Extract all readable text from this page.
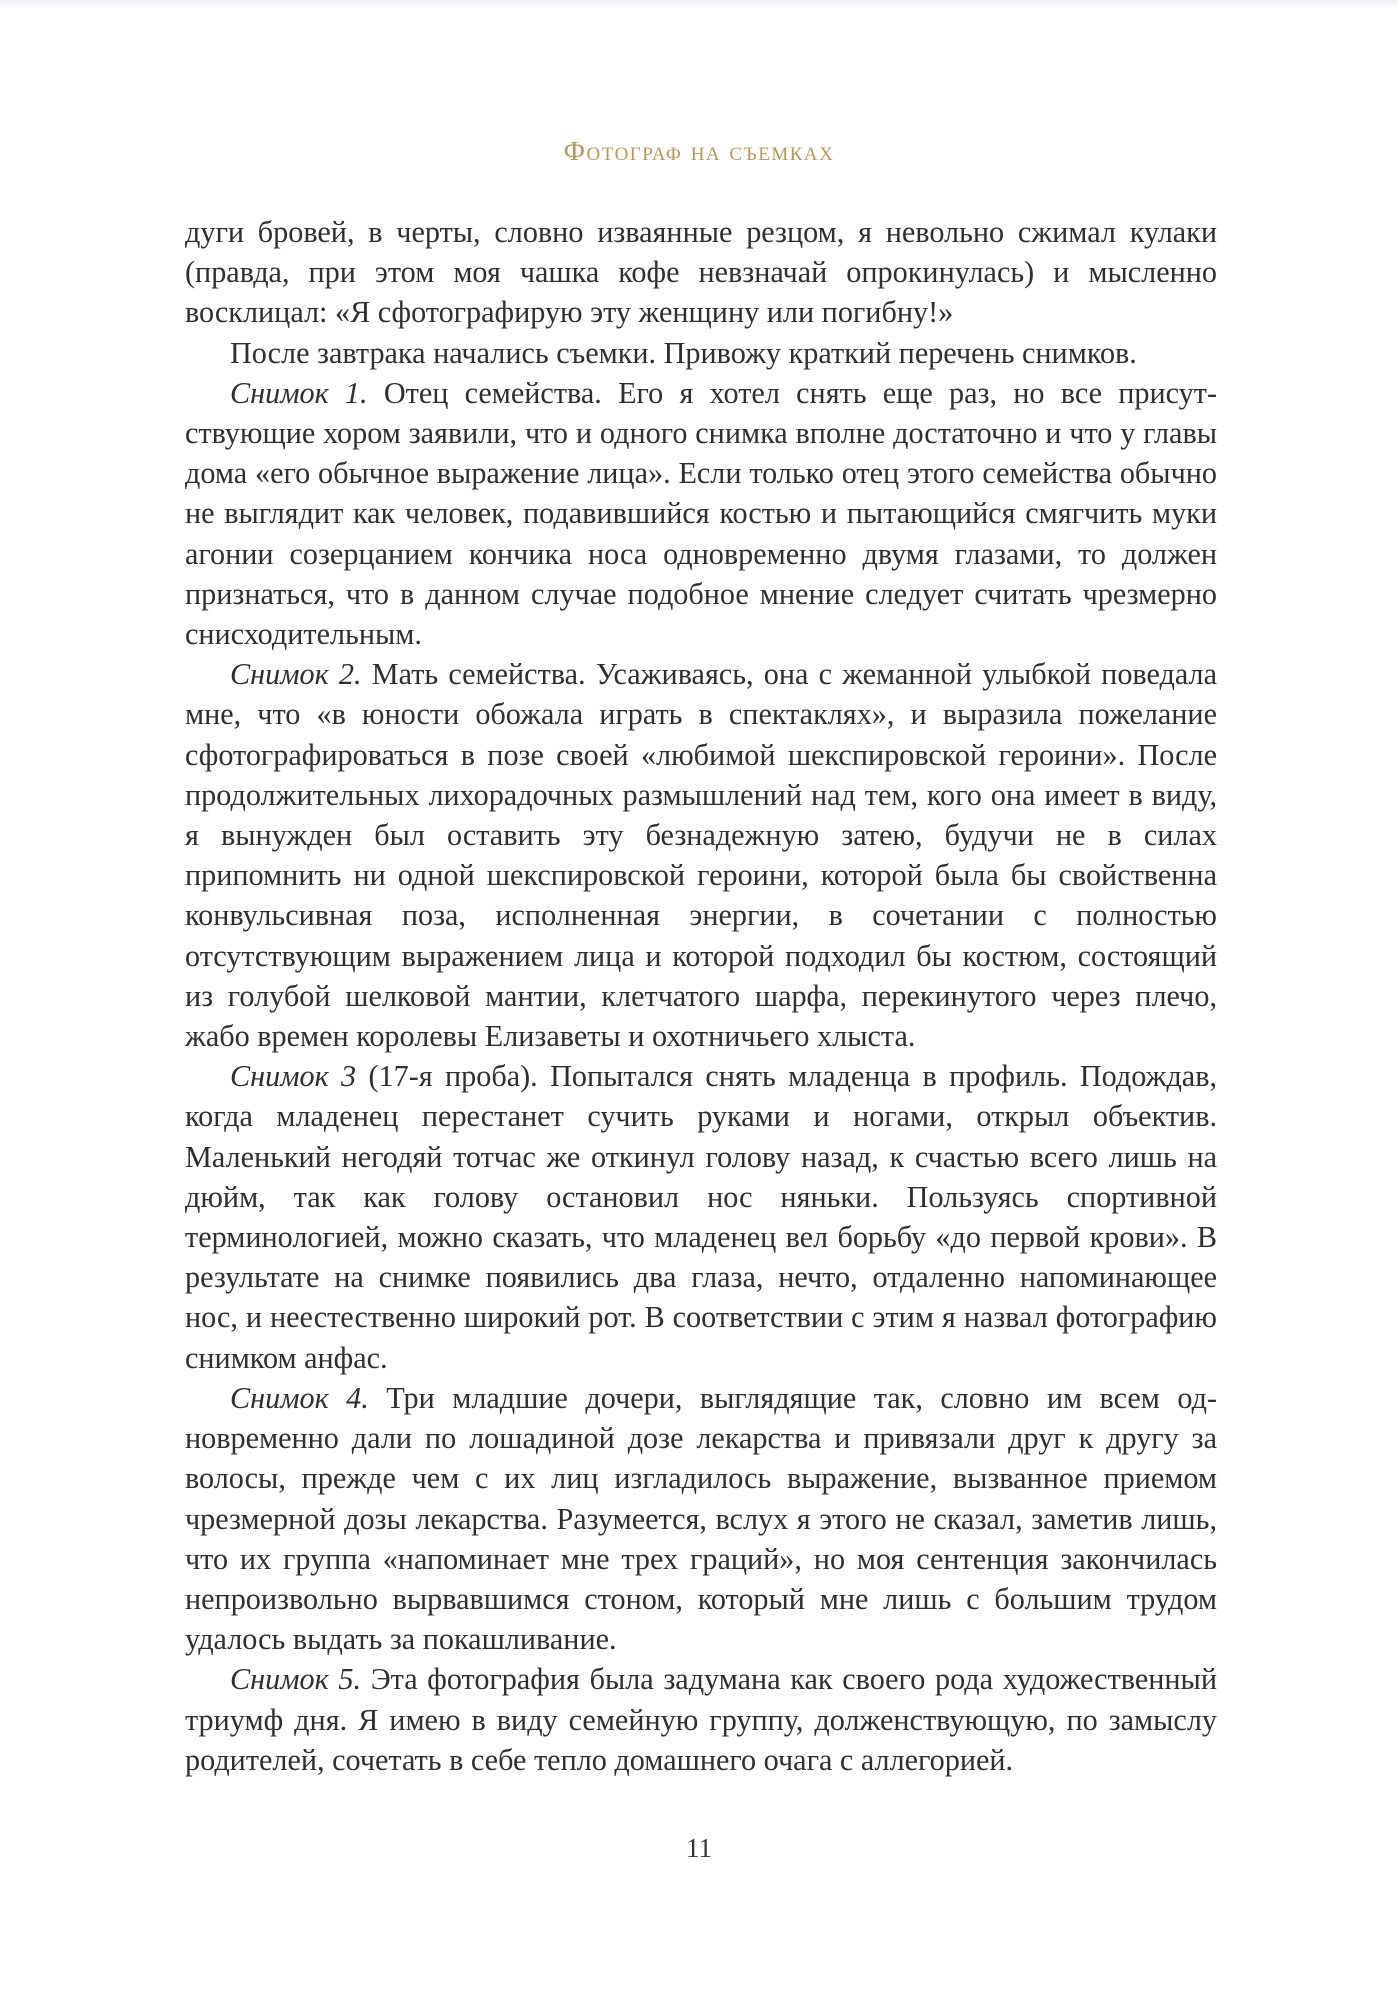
Фотограф на съемках

дуги бровей, в черты, словно изваянные резцом, я невольно сжимал кулаки (правда, при этом моя чашка кофе невзначай опрокинулась) и мысленно восклицал: «Я сфотографирую эту женщину или погибну!»

После завтрака начались съемки. Привожу краткий перечень снимков.

Снимок 1. Отец семейства. Его я хотел снять еще раз, но все присутствующие хором заявили, что и одного снимка вполне достаточно и что у главы дома «его обычное выражение лица». Если только отец этого семейства обычно не выглядит как человек, подавившийся костью и пытающийся смягчить муки агонии созерцанием кончика носа одновременно двумя глазами, то должен признаться, что в данном случае подобное мнение следует считать чрезмерно снисходительным.

Снимок 2. Мать семейства. Усаживаясь, она с жеманной улыбкой поведала мне, что «в юности обожала играть в спектаклях», и выразила пожелание сфотографироваться в позе своей «любимой шекспировской героини». После продолжительных лихорадочных размышлений над тем, кого она имеет в виду, я вынужден был оставить эту безнадежную затею, будучи не в силах припомнить ни одной шекспировской героини, которой была бы свойственна конвульсивная поза, исполненная энергии, в сочетании с полностью отсутствующим выражением лица и которой подходил бы костюм, состоящий из голубой шелковой мантии, клетчатого шарфа, перекинутого через плечо, жабо времен королевы Елизаветы и охотничьего хлыста.

Снимок 3 (17-я проба). Попытался снять младенца в профиль. Подождав, когда младенец перестанет сучить руками и ногами, открыл объектив. Маленький негодяй тотчас же откинул голову назад, к счастью всего лишь на дюйм, так как голову остановил нос няньки. Пользуясь спортивной терминологией, можно сказать, что младенец вел борьбу «до первой крови». В результате на снимке появились два глаза, нечто, отдаленно напоминающее нос, и неестественно широкий рот. В соответствии с этим я назвал фотографию снимком анфас.

Снимок 4. Три младшие дочери, выглядящие так, словно им всем одновременно дали по лошадиной дозе лекарства и привязали друг к другу за волосы, прежде чем с их лиц изгладилось выражение, вызванное приемом чрезмерной дозы лекарства. Разумеется, вслух я этого не сказал, заметив лишь, что их группа «напоминает мне трех граций», но моя сентенция закончилась непроизвольно вырвавшимся стоном, который мне лишь с большим трудом удалось выдать за покашливание.

Снимок 5. Эта фотография была задумана как своего рода художественный триумф дня. Я имею в виду семейную группу, долженствующую, по замыслу родителей, сочетать в себе тепло домашнего очага с аллегорией.

11
